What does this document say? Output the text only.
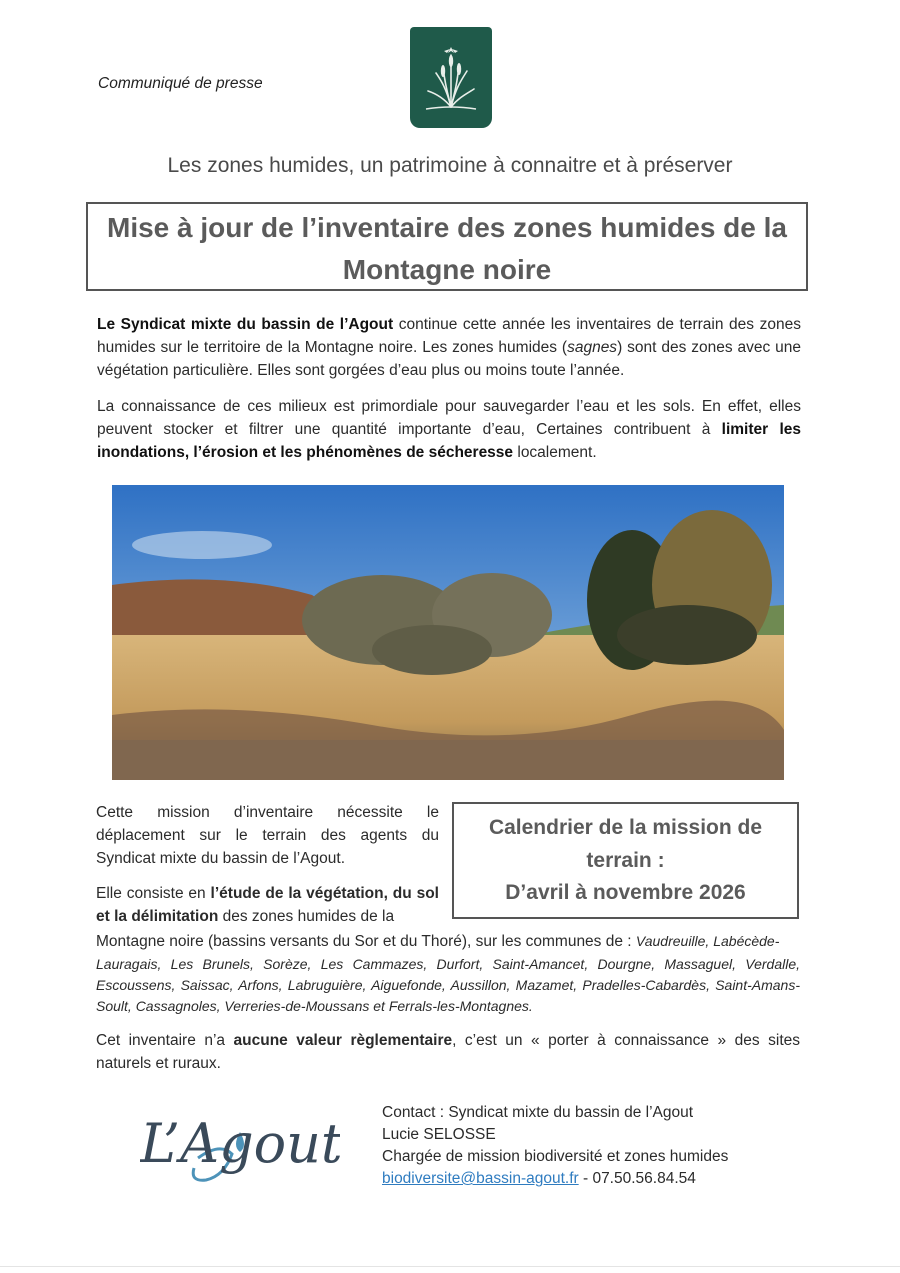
Communiqué de presse
Les zones humides, un patrimoine à connaitre et à préserver
Mise à jour de l’inventaire des zones humides de la
Montagne noire
Le Syndicat mixte du bassin de l’Agout continue cette année les inventaires de terrain des zones humides sur le territoire de la Montagne noire. Les zones humides (sagnes) sont des zones avec une végétation particulière. Elles sont gorgées d’eau plus ou moins toute l’année.
La connaissance de ces milieux est primordiale pour sauvegarder l’eau et les sols. En effet, elles peuvent stocker et filtrer une quantité importante d’eau, Certaines contribuent à limiter les inondations, l’érosion et les phénomènes de sécheresse localement.
Cette mission d’inventaire nécessite le déplacement sur le terrain des agents du Syndicat mixte du bassin de l’Agout.
Elle consiste en l’étude de la végétation, du sol et la délimitation des zones humides de la
Calendrier de la mission de
terrain :
D’avril à novembre 2026
Montagne noire (bassins versants du Sor et du Thoré), sur les communes de : Vaudreuille, Labécède-
Lauragais, Les Brunels, Sorèze, Les Cammazes, Durfort, Saint-Amancet, Dourgne, Massaguel, Verdalle, Escoussens, Saissac, Arfons, Labruguière, Aiguefonde, Aussillon, Mazamet, Pradelles-Cabardès, Saint-Amans-Soult, Cassagnoles, Verreries-de-Moussans et Ferrals-les-Montagnes.
Cet inventaire n’a aucune valeur règlementaire, c’est un « porter à connaissance » des sites naturels et ruraux.
L’Agout	Contact : Syndicat mixte du bassin de l’Agout
Lucie SELOSSE
Chargée de mission biodiversité et zones humides
biodiversite@bassin-agout.fr - 07.50.56.84.54
